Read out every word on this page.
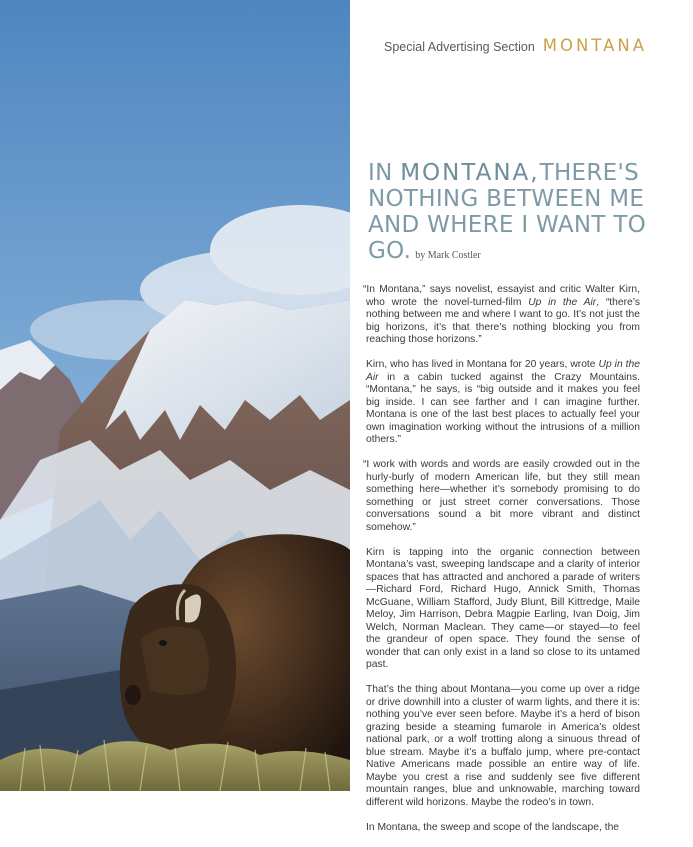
Special Advertising Section MONTANA
IN MONTANA,THERE'S NOTHING BETWEEN ME AND WHERE I WANT TO GO. by Mark Costler

“In Montana,” says novelist, essayist and critic Walter Kirn, who wrote the novel-turned-film Up in the Air, “there’s nothing between me and where I want to go. It’s not just the big horizons, it’s that there’s nothing blocking you from reaching those horizons.”

Kirn, who has lived in Montana for 20 years, wrote Up in the Air in a cabin tucked against the Crazy Mountains. “Montana,” he says, is “big outside and it makes you feel big inside. I can see farther and I can imagine further. Montana is one of the last best places to actually feel your own imagination working without the intrusions of a million others.”

“I work with words and words are easily crowded out in the hurly-burly of modern American life, but they still mean something here—whether it’s somebody promising to do something or just street corner conversations. Those conversations sound a bit more vibrant and distinct somehow.”

Kirn is tapping into the organic connection between Montana’s vast, sweeping landscape and a clarity of interior spaces that has attracted and anchored a parade of writers—Richard Ford, Richard Hugo, Annick Smith, Thomas McGuane, William Stafford, Judy Blunt, Bill Kittredge, Maile Meloy, Jim Harrison, Debra Magpie Earling, Ivan Doig, Jim Welch, Norman Maclean. They came—or stayed—to feel the grandeur of open space. They found the sense of wonder that can only exist in a land so close to its untamed past.

That’s the thing about Montana—you come up over a ridge or drive downhill into a cluster of warm lights, and there it is: nothing you’ve ever seen before. Maybe it’s a herd of bison grazing beside a steaming fumarole in America’s oldest national park, or a wolf trotting along a sinuous thread of blue stream. Maybe it’s a buffalo jump, where pre-contact Native Americans made possible an entire way of life. Maybe you crest a rise and suddenly see five different mountain ranges, blue and unknowable, marching toward different wild horizons. Maybe the rodeo’s in town.

In Montana, the sweep and scope of the landscape, the
